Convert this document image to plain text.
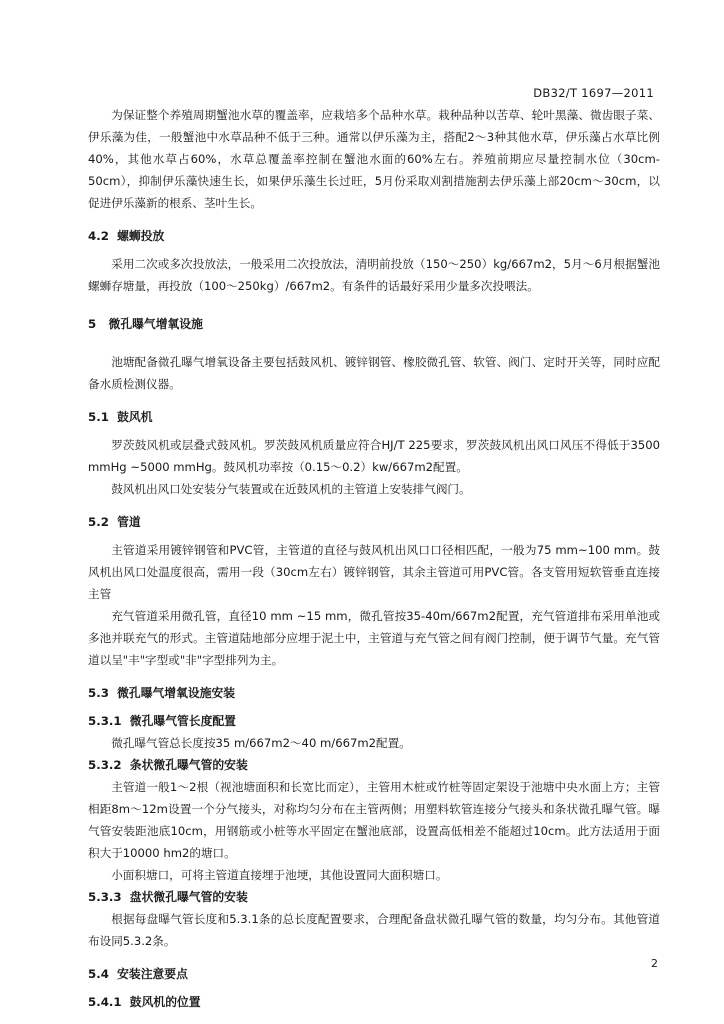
DB32/T 1697—2011

为保证整个养殖周期蟹池水草的覆盖率，应栽培多个品种水草。栽种品种以苦草、轮叶黑藻、微齿眼子菜、伊乐藻为佳，一般蟹池中水草品种不低于三种。通常以伊乐藻为主，搭配2～3种其他水草，伊乐藻占水草比例40%，其他水草占60%，水草总覆盖率控制在蟹池水面的60%左右。养殖前期应尽量控制水位（30cm-50cm），抑制伊乐藻快速生长，如果伊乐藻生长过旺，5月份采取刈割措施割去伊乐藻上部20cm～30cm，以促进伊乐藻新的根系、茎叶生长。

4.2  螺蛳投放

采用二次或多次投放法，一般采用二次投放法，清明前投放（150～250）kg/667m2，5月～6月根据蟹池螺蛳存塘量，再投放（100～250kg）/667m2。有条件的话最好采用少量多次投喂法。

5   微孔曝气增氧设施

池塘配备微孔曝气增氧设备主要包括鼓风机、镀锌钢管、橡胶微孔管、软管、阀门、定时开关等，同时应配备水质检测仪器。

5.1  鼓风机

罗茨鼓风机或层叠式鼓风机。罗茨鼓风机质量应符合HJ/T 225要求，罗茨鼓风机出风口风压不得低于3500 mmHg ~5000 mmHg。鼓风机功率按（0.15～0.2）kw/667m2配置。

鼓风机出风口处安装分气装置或在近鼓风机的主管道上安装排气阀门。

5.2  管道

主管道采用镀锌钢管和PVC管，主管道的直径与鼓风机出风口口径相匹配，一般为75 mm~100 mm。鼓风机出风口处温度很高，需用一段（30cm左右）镀锌钢管，其余主管道可用PVC管。各支管用短软管垂直连接主管

充气管道采用微孔管，直径10 mm ~15 mm，微孔管按35-40m/667m2配置，充气管道排布采用单池或多池并联充气的形式。主管道陆地部分应埋于泥土中，主管道与充气管之间有阀门控制，便于调节气量。充气管道以呈"丰"字型或"非"字型排列为主。

5.3  微孔曝气增氧设施安装

5.3.1  微孔曝气管长度配置

微孔曝气管总长度按35 m/667m2～40 m/667m2配置。

5.3.2  条状微孔曝气管的安装

主管道一般1～2根（视池塘面积和长宽比而定），主管用木桩或竹桩等固定架设于池塘中央水面上方；主管相距8m～12m设置一个分气接头，对称均匀分布在主管两侧；用塑料软管连接分气接头和条状微孔曝气管。曝气管安装距池底10cm，用钢筋或小桩等水平固定在蟹池底部，设置高低相差不能超过10cm。此方法适用于面积大于10000 hm2的塘口。

小面积塘口，可将主管道直接埋于池埂，其他设置同大面积塘口。

5.3.3  盘状微孔曝气管的安装

根据每盘曝气管长度和5.3.1条的总长度配置要求，合理配备盘状微孔曝气管的数量，均匀分布。其他管道布设同5.3.2条。

5.4  安装注意要点

5.4.1  鼓风机的位置

2
